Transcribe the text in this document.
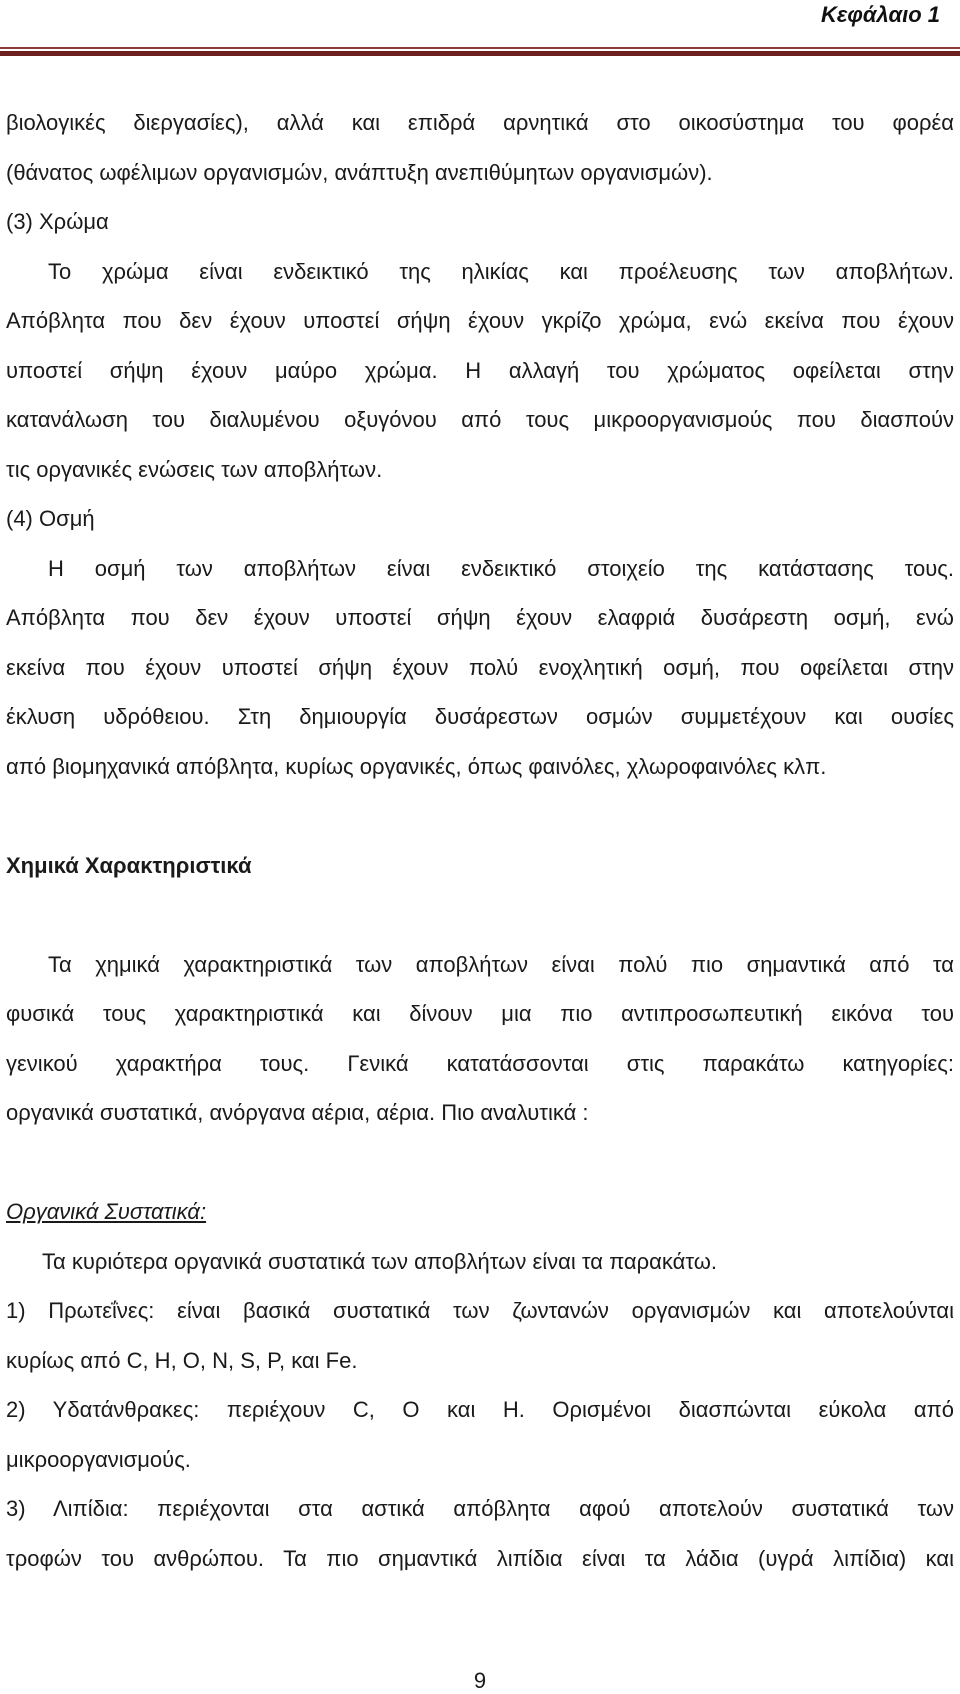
Κεφάλαιο 1
βιολογικές διεργασίες), αλλά και επιδρά αρνητικά στο οικοσύστημα του φορέα
(θάνατος ωφέλιμων οργανισμών, ανάπτυξη ανεπιθύμητων οργανισμών).
(3) Χρώμα
Το χρώμα είναι ενδεικτικό της ηλικίας και προέλευσης των αποβλήτων.
Απόβλητα που δεν έχουν υποστεί σήψη έχουν γκρίζο χρώμα, ενώ εκείνα που έχουν
υποστεί σήψη έχουν μαύρο χρώμα. Η αλλαγή του χρώματος οφείλεται στην
κατανάλωση του διαλυμένου οξυγόνου από τους μικροοργανισμούς που διασπούν
τις οργανικές ενώσεις των αποβλήτων.
(4) Οσμή
Η οσμή των αποβλήτων είναι ενδεικτικό στοιχείο της κατάστασης τους.
Απόβλητα που δεν έχουν υποστεί σήψη έχουν ελαφριά δυσάρεστη οσμή, ενώ
εκείνα που έχουν υποστεί σήψη έχουν πολύ ενοχλητική οσμή, που οφείλεται στην
έκλυση υδρόθειου. Στη δημιουργία δυσάρεστων οσμών συμμετέχουν και ουσίες
από βιομηχανικά απόβλητα, κυρίως οργανικές, όπως φαινόλες, χλωροφαινόλες κλπ.
Χημικά Χαρακτηριστικά
Τα χημικά χαρακτηριστικά των αποβλήτων είναι πολύ πιο σημαντικά από τα
φυσικά τους χαρακτηριστικά και δίνουν μια πιο αντιπροσωπευτική εικόνα του
γενικού χαρακτήρα τους. Γενικά κατατάσσονται στις παρακάτω κατηγορίες:
οργανικά συστατικά, ανόργανα αέρια, αέρια. Πιο αναλυτικά :
Οργανικά Συστατικά:
Τα κυριότερα οργανικά συστατικά των αποβλήτων είναι τα παρακάτω.
1) Πρωτεΐνες: είναι βασικά συστατικά των ζωντανών οργανισμών και αποτελούνται
κυρίως από C, H, O, N, S, P, και Fe.
2) Υδατάνθρακες: περιέχουν C, O και H. Ορισμένοι διασπώνται εύκολα από
μικροοργανισμούς.
3) Λιπίδια: περιέχονται στα αστικά απόβλητα αφού αποτελούν συστατικά των
τροφών του ανθρώπου. Τα πιο σημαντικά λιπίδια είναι τα λάδια (υγρά λιπίδια) και
9
